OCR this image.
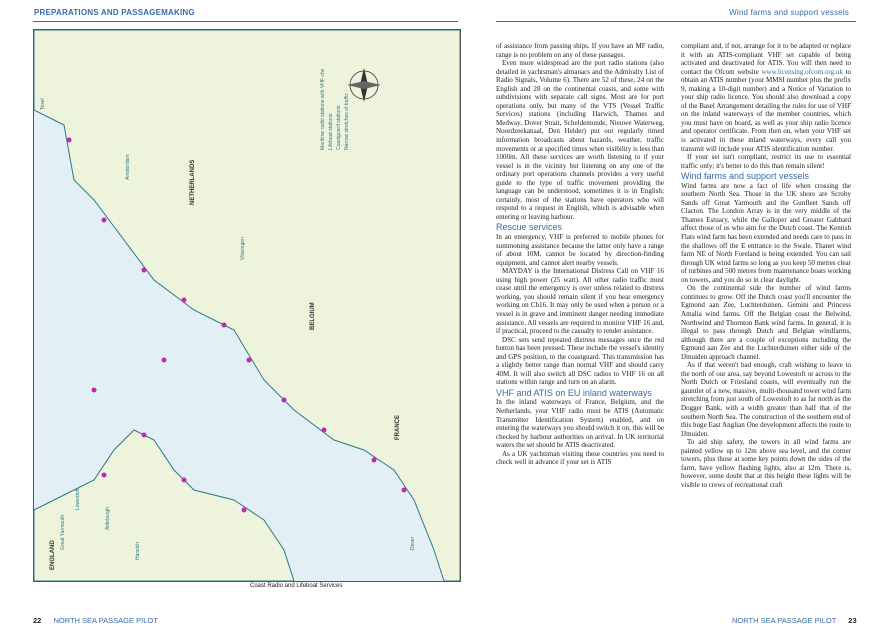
PREPARATIONS AND PASSAGEMAKING	Wind farms and support vessels
NETHERLANDS
BELGIUM
FRANCE
ENGLAND
Texel
Amsterdam
Vlissingen
Dover
Lowestoft
Great Yarmouth	Aldeburgh
Harwich
Maritime radio stations with VHF chs Lifeboat stations Coastguard stations Narrow stretches of traffic
Coast Radio and Lifeboat Services

of assistance from passing ships. If you have an MF radio, range is no problem on any of these passages.

Even more widespread are the port radio stations (also detailed in yachtsman's almanacs and the Admiralty List of Radio Signals, Volume 6). There are 52 of these, 24 on the English and 28 on the continental coasts, and some with subdivisions with separate call signs. Most are for port operations only, but many of the VTS (Vessel Traffic Services) stations (including Harwich, Thames and Medway, Dover Strait, Scheldemonde, Nieuwe Waterweg, Noordzeekanaal, Den Helder) put out regularly timed information broadcasts about hazards, weather, traffic movements or at specified times when visibility is less than 1000m. All these services are worth listening to if your vessel is in the vicinity but listening on any one of the ordinary port operations channels provides a very useful guide to the type of traffic movement providing the language can be understood, sometimes it is in English; certainly, most of the stations have operators who will respond to a request in English, which is advisable when entering or leaving harbour.

Rescue services

In an emergency, VHF is preferred to mobile phones for summoning assistance because the latter only have a range of about 10M, cannot be located by direction-finding equipment, and cannot alert nearby vessels.

MAYDAY is the International Distress Call on VHF 16 using high power (25 watt). All other radio traffic must cease until the emergency is over unless related to distress working, you should remain silent if you hear emergency working on Ch16. It may only be used when a person or a vessel is in grave and imminent danger needing immediate assistance. All vessels are required to monitor VHF 16 and, if practical, proceed to the casualty to render assistance.

DSC sets send repeated distress messages once the red button has been pressed. These include the vessel's identity and GPS position, to the coastguard. This transmission has a slightly better range than normal VHF and should carry 40M. It will also switch all DSC radios to VHF 16 on all stations within range and turn on an alarm.

VHF and ATIS on EU inland waterways

In the inland waterways of France, Belgium, and the Netherlands, your VHF radio must be ATIS (Automatic Transmitter Identification System) enabled, and on entering the waterways you should switch it on, this will be checked by harbour authorities on arrival. In UK territorial waters the set should be ATIS deactivated.

As a UK yachtsman visiting these countries you need to check well in advance if your set is ATIS

compliant and, if not, arrange for it to be adapted or replace it with an ATIS-compliant VHF set capable of being activated and deactivated for ATIS. You will then need to contact the Ofcom website www.licensing.ofcom.org.uk to obtain an ATIS number (your MMSI number plus the prefix 9, making a 10-digit number) and a Notice of Variation to your ship radio licence. You should also download a copy of the Basel Arrangement detailing the rules for use of VHF on the inland waterways of the member countries, which you must have on board, as well as your ship radio licence and operator certificate. From then on, when your VHF set is activated in these inland waterways, every call you transmit will include your ATIS identification number.

If your set isn't compliant, restrict its use to essential traffic only; it's better to do this than remain silent!

Wind farms and support vessels

Wind farms are now a fact of life when crossing the southern North Sea. Those in the UK shore are Scroby Sands off Great Yarmouth and the Gunfleet Sands off Clacton. The London Array is in the very middle of the Thames Estuary, while the Galloper and Greater Gabbard affect those of us who aim for the Dutch coast. The Kentish Flats wind farm has been extended and needs care to pass in the shallows off the E entrance to the Swale. Thanet wind farm NE of North Foreland is being extended. You can sail through UK wind farms so long as you keep 50 metres clear of turbines and 500 metres from maintenance boats working on towers, and you do so in clear daylight.

On the continental side the number of wind farms continues to grow. Off the Dutch coast you'll encounter the Egmond aan Zee, Luchterduinen, Gemini and Princess Amalia wind farms. Off the Belgian coast the Belwind, Northwind and Thornton Bank wind farms. In general, it is illegal to pass through Dutch and Belgian windfarms, although there are a couple of exceptions including the Egmond aan Zee and the Luchterduinen either side of the IJmuiden approach channel.

As if that weren't bad enough, craft wishing to leave to the north of our area, say beyond Lowestoft or across to the North Dutch or Friesland coasts, will eventually run the gauntlet of a new, massive, multi-thousand tower wind farm stretching from just south of Lowestoft to as far north as the Dogger Bank, with a width greater than half that of the southern North Sea. The construction of the southern end of this huge East Anglian One development affects the route to IJmuiden.

To aid ship safety, the towers in all wind farms are painted yellow up to 12m above sea level, and the corner towers, plus those at some key points down the sides of the farm, have yellow flashing lights, also at 12m. There is, however, some doubt that at this height these lights will be visible to crews of recreational craft

22 NORTH SEA PASSAGE PILOT	NORTH SEA PASSAGE PILOT 23
